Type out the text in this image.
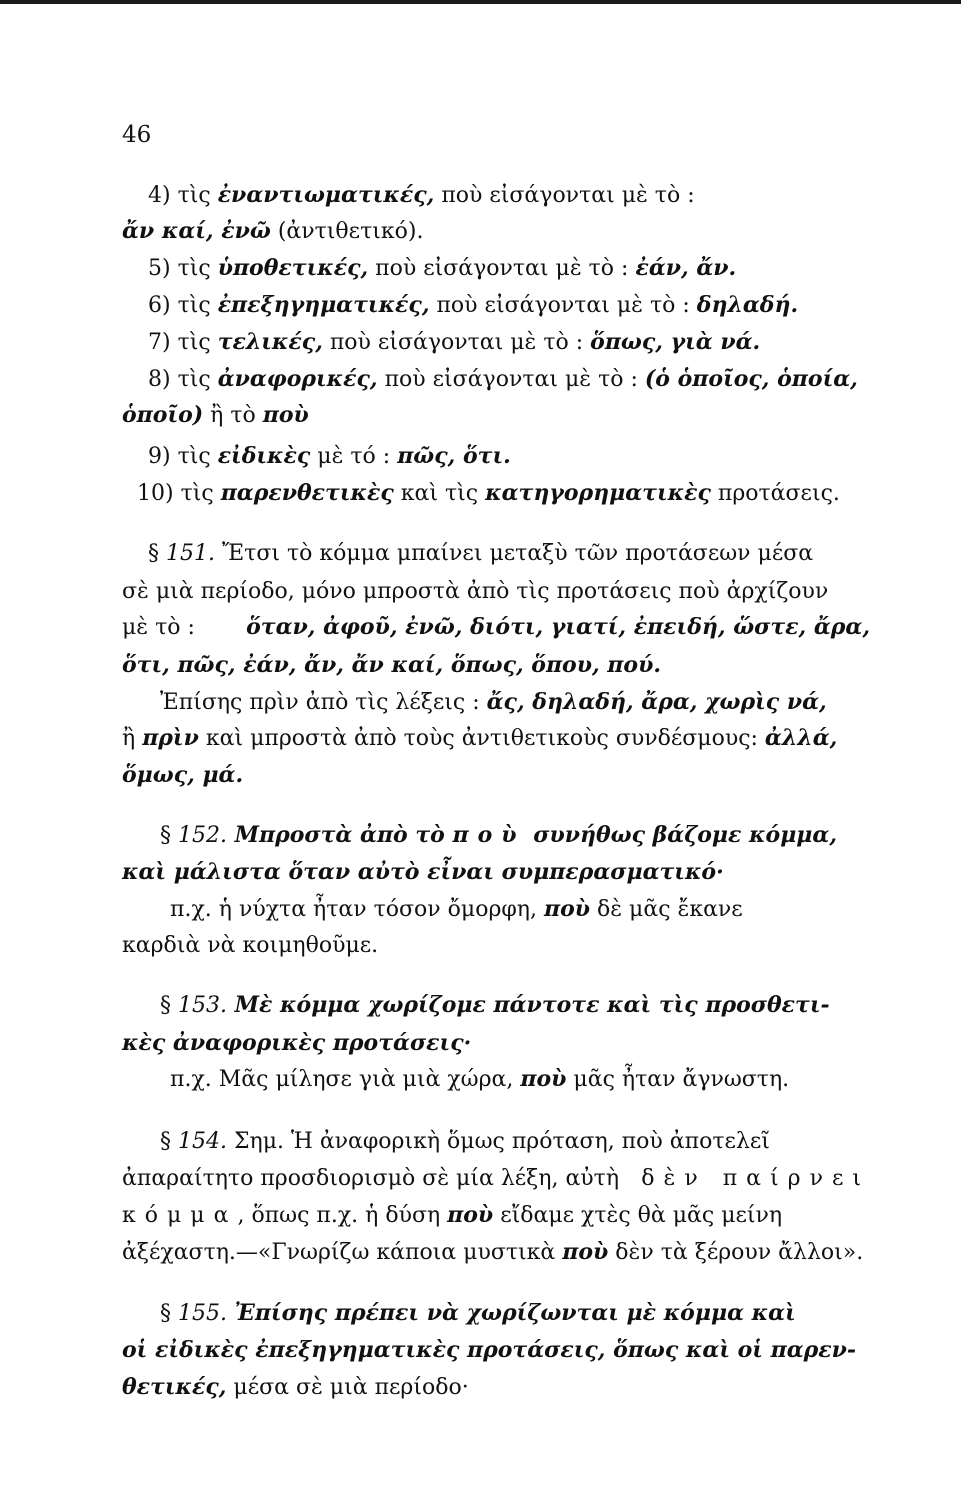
46
4) τὶς ἐναντιωματικές, ποὺ εἰσάγονται μὲ τὸ :
ἄν καί, ἐνῶ (ἀντιθετικό).
5) τὶς ὑποθετικές, ποὺ εἰσάγονται μὲ τὸ : ἐάν, ἄν.
6) τὶς ἐπεξηγηματικές, ποὺ εἰσάγονται μὲ τὸ : δηλαδή.
7) τὶς τελικές, ποὺ εἰσάγονται μὲ τὸ : ὅπως, γιὰ νά.
8) τὶς ἀναφορικές, ποὺ εἰσάγονται μὲ τὸ : (ὁ ὁποῖος, ὁποία,
ὁποῖο) ἢ τὸ ποὺ
9) τὶς εἰδικὲς μὲ τό : πῶς, ὅτι.
10) τὶς παρενθετικὲς καὶ τὶς κατηγορηματικὲς προτάσεις.
§ 151. Ἔτσι τὸ κόμμα μπαίνει μεταξὺ τῶν προτάσεων μέσα
σὲ μιὰ περίοδο, μόνο μπροστὰ ἀπὸ τὶς προτάσεις ποὺ ἀρχίζουν
μὲ τὸ : ὅταν, ἀφοῦ, ἐνῶ, διότι, γιατί, ἐπειδή, ὥστε, ἄρα,
ὅτι, πῶς, ἐάν, ἄν, ἄν καί, ὅπως, ὅπου, πού.
Ἐπίσης πρὶν ἀπὸ τὶς λέξεις : ἄς, δηλαδή, ἄρα, χωρὶς νά,
ἢ πρὶν καὶ μπροστὰ ἀπὸ τοὺς ἀντιθετικοὺς συνδέσμους: ἀλλά,
ὅμως, μά.
§ 152. Μπροστὰ ἀπὸ τὸ ποὺ συνήθως βάζομε κόμμα,
καὶ μάλιστα ὅταν αὐτὸ εἶναι συμπερασματικό·
π.χ. ἡ νύχτα ἦταν τόσον ὄμορφη, ποὺ δὲ μᾶς ἔκανε
καρδιὰ νὰ κοιμηθοῦμε.
§ 153. Μὲ κόμμα χωρίζομε πάντοτε καὶ τὶς προσθετι-
κὲς ἀναφορικὲς προτάσεις·
π.χ. Μᾶς μίλησε γιὰ μιὰ χώρα, ποὺ μᾶς ἦταν ἄγνωστη.
§ 154. Σημ. Ἡ ἀναφορικὴ ὅμως πρόταση, ποὺ ἀποτελεῖ
ἀπαραίτητο προσδιορισμὸ σὲ μία λέξη, αὐτὴ δὲν παίρνει
κόμμα, ὅπως π.χ. ἡ δύση ποὺ εἴδαμε χτὲς θὰ μᾶς μείνη
ἀξέχαστη.—«Γνωρίζω κάποια μυστικὰ ποὺ δὲν τὰ ξέρουν ἄλλοι».
§ 155. Ἐπίσης πρέπει νὰ χωρίζωνται μὲ κόμμα καὶ
οἱ εἰδικὲς ἐπεξηγηματικὲς προτάσεις, ὅπως καὶ οἱ παρεν-
θετικές, μέσα σὲ μιὰ περίοδο·
